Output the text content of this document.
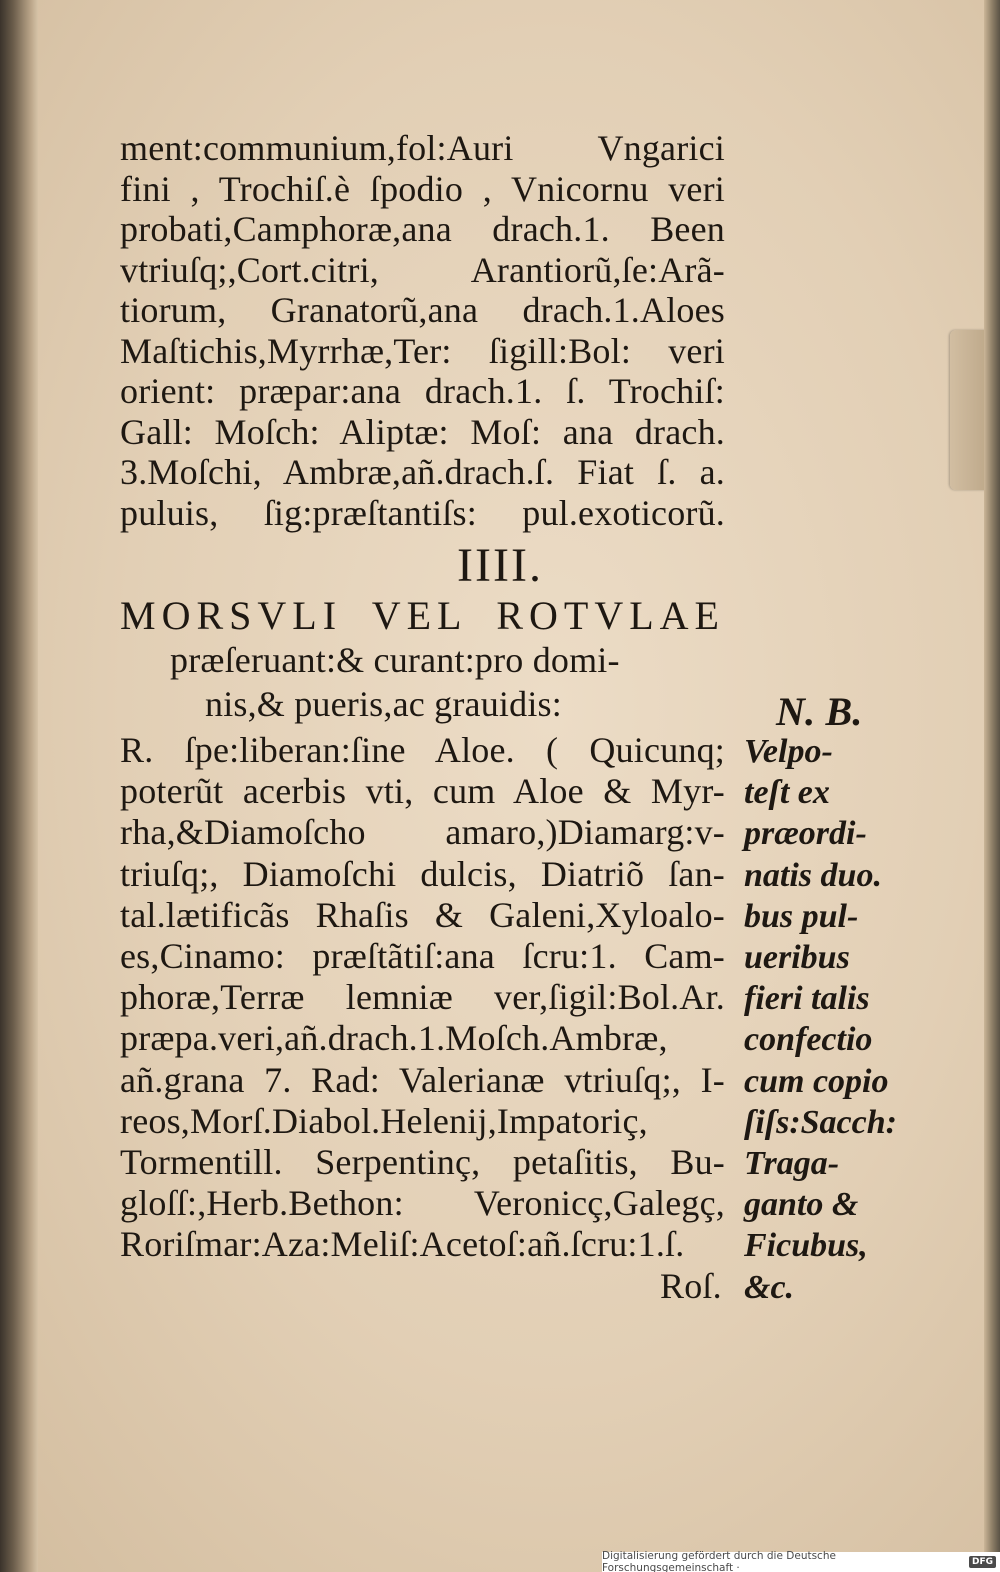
ment:communium,fol:Auri Vngarici
fini , Trochiſ.è ſpodio , Vnicornu veri
probati,Camphoræ,ana drach.1. Been
vtriuſq;,Cort.citri, Arantiorũ,ſe:Arã-
tiorum, Granatorũ,ana drach.1.Aloes
Maſtichis,Myrrhæ,Ter: ſigill:Bol: veri
orient: præpar:ana drach.1. ſ. Trochiſ:
Gall: Moſch: Aliptæ: Moſ: ana drach.
3.Moſchi, Ambræ,añ.drach.ſ. Fiat ſ. a.
puluis, ſig:præſtantiſs: pul.exoticorũ.
IIII.
MORSVLI VEL ROTVLAE
præſeruant:& curant:pro domi-
nis,& pueris,ac grauidis:
R. ſpe:liberan:ſine Aloe. ( Quicunq;
poterũt acerbis vti, cum Aloe & Myr-
rha,&Diamoſcho amaro,)Diamarg:v-
triuſq;, Diamoſchi dulcis, Diatriõ ſan-
tal.lætificãs Rhaſis & Galeni,Xyloalo-
es,Cinamo: præſtãtiſ:ana ſcru:1. Cam-
phoræ,Terræ lemniæ ver,ſigil:Bol.Ar.
præpa.veri,añ.drach.1.Moſch.Ambræ,
añ.grana 7. Rad: Valerianæ vtriuſq;, I-
reos,Morſ.Diabol.Helenij,Impatoriç,
Tormentill. Serpentinç, petaſitis, Bu-
gloſſ:,Herb.Bethon: Veronicç,Galegç,
Roriſmar:Aza:Meliſ:Acetoſ:añ.ſcru:1.ſ.
Roſ.
N. B.
Velpo-
teſt ex
præordi-
natis duo.
bus pul-
ueribus
fieri talis
confectio
cum copio
ſiſs:Sacch:
Traga-
ganto &
Ficubus,
&c.
Digitalisierung gefördert durch die Deutsche Forschungsgemeinschaft ·	DFG
